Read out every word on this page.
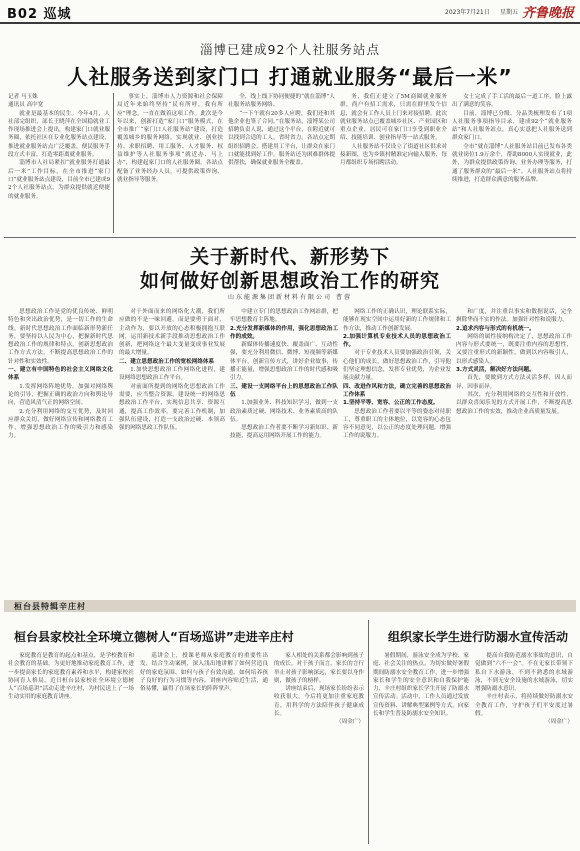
B02 巡城	2023年7月21日 星期五 齐鲁晚报
淄博已建成92个人社服务站点
人社服务送到家门口 打通就业服务“最后一米”
记者 马玉姝
通讯员 高中宽

就业是最基本的民生。今年4月，人社部完组织，部长王晓萍在全国稳就业工作现场推进会上提出，构建家门口就业服务圈，依托社区在专业化服务站点建设，推进就业服务站点广泛覆盖，便民服务手段方式丰富，打造零距离就业服务。

淄博市人社局紧扣“就业服务打通最后一米”工作目标，在全市推进“家门口”就业服务站点建设，目前全市已建成92个人社服务站点，为群众提供就近便捷的就业服务。

事实上，淄博市人力资源和社会保障局近年来始终坚持“民有所呼，我有所应”理念，一直在做着这项工作。此次是今年以来，创新打造“家门口”服务模式，在全市推广“家门口人社服务站”建设，打造覆盖城乡的服务网络，实现就业、创业扶持、求职招聘、用工服务、人才服务、权益维护等人社服务事项“就近办、马上办”，构建起家门口的人社服务圈。各站点配备了业务经办人员，可提供政策咨询、就业指导等服务。

全，线上线下协同便捷的“就在淄博”人社服务站服务网络。

“一下午就有20多人应聘，我们还和其他企业也签了合同。”在服务站，淄博某公司招聘负责人说，通过这个平台，在附近就可以找到合适的工人，省时省力。各站点定期组织招聘会，搭建用工平台，让群众在家门口就能找到好工作。服务站还为困难群体提供帮扶，确保就业服务全覆盖。

务，我们正建立了5M商圈就业服务群，尚户有招工需求，只需在群里发个信息，就会有工作人员上门来对接招聘。此次就业服务站点已覆盖城乡社区、产业园区和重点企业，居民可在家门口享受到职业介绍、技能培训、创业指导等一站式服务。

人社服务站不仅设立了街道社区供求对接新图，也为乡镇村精准定向输入服务，每月都组织专场招聘活动。

女士完成了手工活的最后一道工序，脸上露出了满意的笑容。

目前，淄博已分级、分品类梳理发布了1项人社服务事项指导目录，建成92个“就业服务站”和人社服务站点，真心实意把人社服务送到群众家门口。

全市“就在淄博”人社服务站目前已发布各类就业岗位1.9万余个，帮助8000人实现就业，此外，为群众提供政策咨询、业务办理等服务，打通了服务群众的“最后一米”。人社服务站点将持续推进，打造群众满意的服务品牌。

关于新时代、新形势下
如何做好创新思想政治工作的研究
山东能源集团新材料有限公司 曹蓉

思想政治工作是党的优良传统、鲜明特色和突出政治优势，是一切工作的生命线。新时代思想政治工作面临新形势新任务，要坚持以人民为中心，把握新时代思想政治工作的规律和特点，创新思想政治工作方式方法，不断提高思想政治工作的针对性和实效性。

一、建立有中国特色的社会主义网络文化体系

1.发挥网络阵地优势，加强对网络舆论的引导，把握正确的政治方向和舆论导向，营造风清气正的网络空间。

2.充分利用网络的交互优势，及时回应群众关切，做好网络宣传和网络教育工作，增强思想政治工作的吸引力和感染力。

对于外面而来的网络化大潮，我们所应做的不是一味回避，而是要勇于面对，主动作为，要以开放的心态积极拥抱互联网，运用新技术新手段推动思想政治工作创新，把网络这个最大变量变成事业发展的最大增量。

二、建立思想政治工作的宽松网络体系

1.加快思想政治工作网络化进程，建设网络思想政治工作平台。

对前面所提到的网络化思想政治工作需要，应当整合资源，建设统一的网络思想政治工作平台，实现信息共享、资源互通，提高工作效率。要完善工作机制，加强队伍建设，打造一支政治过硬、本领高强的网络思政工作队伍。

中建立专门的思想政治工作网站群，把牢思想教育主阵地。

2.充分发挥新媒体的作用，强化思想政治工作的成效。

新媒体传播速度快、覆盖面广、互动性强，要充分利用微信、微博、短视频等新媒体平台，创新宣传方式，讲好企业故事，传播正能量，增强思想政治工作的时代感和吸引力。

三、建设一支网络平台上的思想政治工作队伍

1.加强业务、科技知识学习，做到一支政治素质过硬、网络技术、业务素质高的队伍。

思想政治工作者要不断学习新知识、新技能，提高运用网络开展工作的能力。

网络工作的正确认识，理论联系实际，能够在现实空间中运用好新的工作规律和工作方法，推动工作创新发展。

2.加强计算机专业技术人员的思想政治工作。

对于专业技术人员要加强政治引领，关心他们的成长，做好思想政治工作，引导他们坚定理想信念，发挥专业优势，为企业发展贡献力量。

四、改进作风和方法，确立完善的思想政治工作体系

1.坚持平等、宽容、公正的工作态度。

思想政治工作者要以平等的姿态对待职工，尊重职工的主体地位，以宽容的心态包容不同意见，以公正的态度处理问题，增强工作的说服力。

和广度，并注重以事实和数据说话，完全摒除华而不实的作法。加强针对性和说服力。

2.追求内容与形式的有机统一。

网络的属性接纳构决定了，思想政治工作内容与形式要统一，既要注重内容的思想性，又要注重形式的新颖性，做到以内容吸引人，以形式感染人。

3.方式灵活，解决好方法问题。

首先，要做到方式方法灵活多样，因人而异，因事而异。

其次，充分利用网络的交互性和开放性，以群众喜闻乐见的方式开展工作，不断提高思想政治工作的实效，推动企业高质量发展。

桓台县特辑辛庄村
桓台县家校社全环境立德树人“百场巡讲”走进辛庄村

家庭教育是教育的起点和基点，是学校教育和社会教育的基础。为更好地推动家庭教育工作，进一步提高家长的家庭教育素养和水平，构建家校社协同育人格局，近日桓台县家校社全环境立德树人“百场巡讲”活动走进辛庄村，为村民送上了一场生动实用的家庭教育讲座。

巡讲会上，授课老师从家庭教育的重要性出发，结合生动案例，深入浅出地讲解了如何营造良好的家庭氛围、如何与孩子有效沟通、如何培养孩子良好的行为习惯等内容。讲座内容贴近生活，通俗易懂，赢得了在场家长的阵阵掌声。

家人相处的关系都会影响到孩子的成长。对于孩子而言，家长的言行举止对孩子影响深远，家长要以身作则，做孩子的榜样。

讲座结束后，现场家长纷纷表示收获很大，今后将更加注重家庭教育，用科学的方法陪伴孩子健康成长。

（周金广）
组织家长学生进行防溺水宣传活动

暑假期间，游泳安全成为学校、家庭、社会关注的热点。为切实做好暑假期间防溺水安全教育工作，进一步增强家长和学生的安全意识和自我保护能力，辛庄村组织家长学生开展了防溺水宣传活动。活动中，工作人员通过发放宣传资料、讲解典型案例等方式，向家长和学生普及防溺水安全知识。

提高自我防范溺水事故的意识，自觉做到“六不一会”。不在无家长带领下私自下水游泳，不到不熟悉的水域游泳，不到无安全设施的水域游泳，切实增强防溺水意识。

辛庄村表示，将持续做好防溺水安全教育工作，守护孩子们平安度过暑假。

（周金广）
